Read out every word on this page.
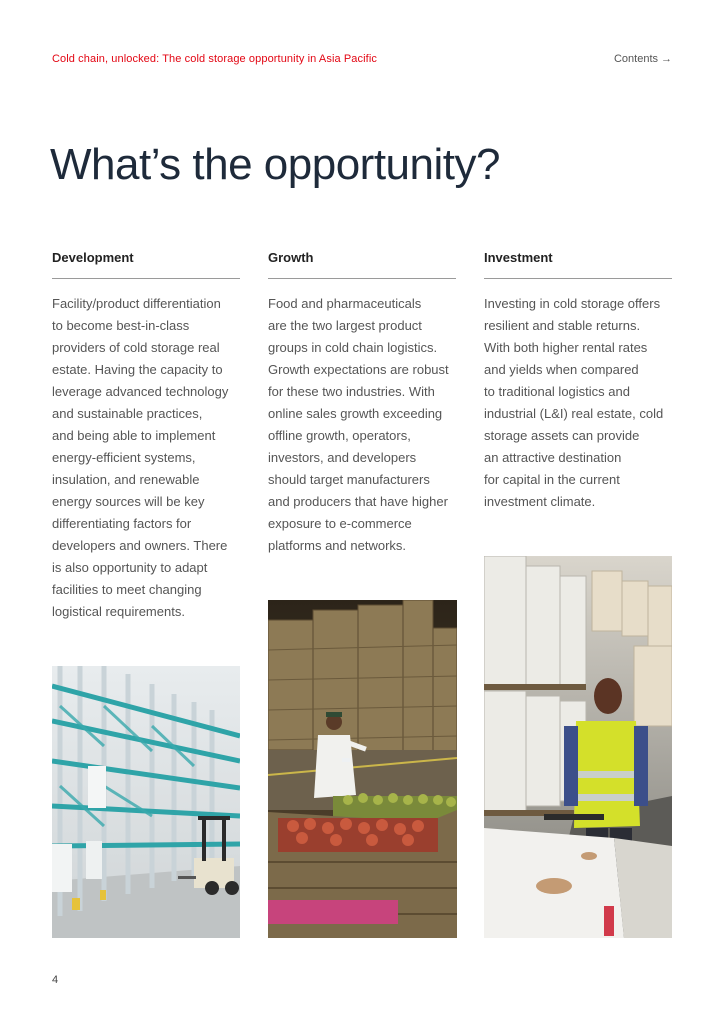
Cold chain, unlocked: The cold storage opportunity in Asia Pacific	Contents →
What’s the opportunity?
Development

Facility/product differentiation
to become best-in-class
providers of cold storage real
estate. Having the capacity to
leverage advanced technology
and sustainable practices,
and being able to implement
energy-efficient systems,
insulation, and renewable
energy sources will be key
differentiating factors for
developers and owners. There
is also opportunity to adapt
facilities to meet changing
logistical requirements.

Growth

Food and pharmaceuticals
are the two largest product
groups in cold chain logistics.
Growth expectations are robust
for these two industries. With
online sales growth exceeding
offline growth, operators,
investors, and developers
should target manufacturers
and producers that have higher
exposure to e-commerce
platforms and networks.

Investment

Investing in cold storage offers
resilient and stable returns.
With both higher rental rates
and yields when compared
to traditional logistics and
industrial (L&I) real estate, cold
storage assets can provide
an attractive destination
for capital in the current
investment climate.

4
